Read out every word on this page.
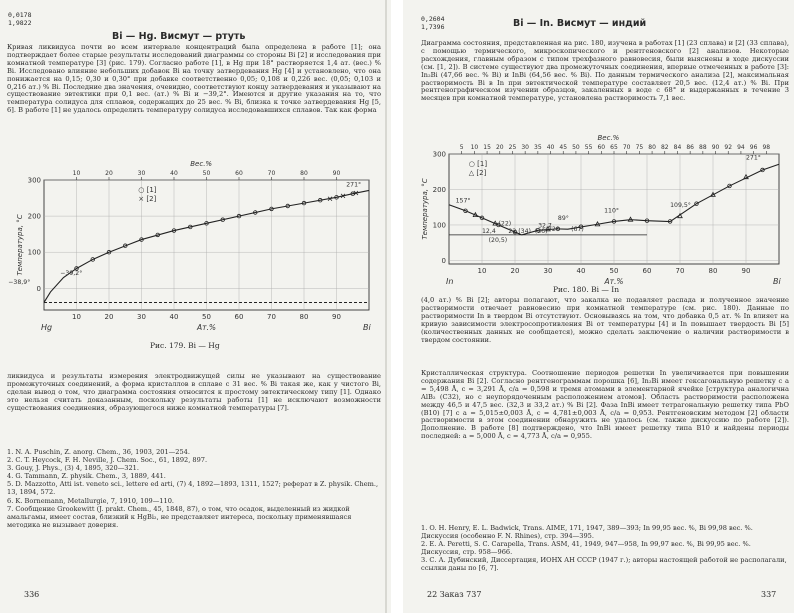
0,0178
1,9822
Bi — Hg. Висмут — ртуть
Кривая ликвидуса почти во всем интервале концентраций была определена в работе [1]; она подтверждает более старые результаты исследований диаграммы со стороны Bi [2] и исследования при комнатной температуре [3] (рис. 179). Согласно работе [1], в Hg при 18° растворяется 1,4 ат. (вес.) % Bi. Исследовано влияние небольших добавок Bi на точку затвердевания Hg [4] и установлено, что она понижается на 0,15; 0,30 и 0,30° при добавке соответственно 0,05; 0,108 и 0,226 вес. (0,05; 0,103 и 0,216 ат.) % Bi. Последние два значения, очевидно, соответствуют концу затвердевания и указывают на существование эвтектики при 0,1 вес. (ат.) % Bi и −39,2°. Имеются и другие указания на то, что температура солидуса для сплавов, содержащих до 25 вес. % Bi, близка к точке затвердевания Hg [5, 6]. В работе [1] не удалось определить температуру солидуса исследовавшихся сплавов. Так как форма
10	20	30	40	50	60	70	80	90
300
200
100
0
10	20	30	40	50	60	70	80	90
Вес.%
Ат.%
Hg	Bi
Температура, °C
○ [1]
× [2]
271°
−38,9°
−39,2°
Рис. 179. Bi — Hg
ликвидуса и результаты измерения электродвижущей силы не указывают на существование промежуточных соединений, а форма кристаллов в сплаве с 31 вес. % Bi такая же, как у чистого Bi, сделан вывод о том, что диаграмма состояния относится к простому эвтектическому типу [1]. Однако это нельзя считать доказанным, поскольку результаты работы [1] не исключают возможности существования соединения, образующегося ниже комнатной температуры [7].
1. N. A. Puschin, Z. anorg. Chem., 36, 1903, 201—254.
2. C. T. Heycock, F. H. Neville, J. Chem. Soc., 61, 1892, 897.
3. Gouy, J. Phys., (3) 4, 1895, 320—321.
4. G. Tammann, Z. physik. Chem., 3, 1889, 441.
5. D. Mazzotto, Atti ist. veneto sci., lettere ed arti, (7) 4, 1892—1893, 1311, 1527; реферат в Z. physik. Chem., 13, 1894, 572.
6. K. Bornemann, Metallurgie, 7, 1910, 109—110.
7. Сообщение Grookewitt (J. prakt. Chem., 45, 1848, 87), о том, что осадок, выделенный из жидкой амальгамы, имеет состав, близкий к HgBi₂, не представляет интереса, поскольку применявшаяся методика не вызывает доверия.
336
0,2604
1,7396	Bi — In. Висмут — индий
Диаграмма состояния, представленная на рис. 180, изучена в работах [1] (23 сплава) и [2] (33 сплава), с помощью термического, микроскопического и рентгеновского [2] анализов. Некоторые расхождения, главным образом с типом трехфазного равновесия, были выяснены в ходе дискуссии (см. [1, 2]). В системе существуют два промежуточных соединения, впервые отмеченных в работе [3]: In₂Bi (47,66 вес. % Bi) и InBi (64,56 вес. % Bi). По данным термического анализа [2], максимальная растворимость Bi в In при эвтектической температуре составляет 20,5 вес. (12,4 ат.) % Bi. При рентгенографическом изучении образцов, закаленных в воде с 68° и выдержанных в течение 3 месяцев при комнатной температуре, установлена растворимость 7,1 вес.
10	20	30	40	50	60	70	80	90
300
200
100
0
5 10 15 20 25 30 35 40 45 50 55 60 65 70 75 80 82 84 86 88 90 92 94 96 98
Вес.%
Ат.%
In	Bi
Температура, °C
○ [1]
△ [2]
271°
157°
110°
109,5°
89°
72° (67)
32,7
(22)
12,4
(20,5)
22 (34) (36)
Рис. 180. Bi — In
(4,0 ат.) % Bi [2]; авторы полагают, что закалка не подавляет распада и полученное значение растворимости отвечает равновесию при комнатной температуре (см. рис. 180). Данные по растворимости In в твердом Bi отсутствуют. Основываясь на том, что добавка 0,5 ат. % In влияет на кривую зависимости электросопротивления Bi от температуры [4] и In повышает твердость Bi [5] (количественных данных не сообщается), можно сделать заключение о наличии растворимости в твердом состоянии.
Кристаллическая структура. Соотношение периодов решетки In увеличивается при повышении содержания Bi [2]. Согласно рентгенограммам порошка [6], In₂Bi имеет гексагональную решетку с a = 5,498 Å, c = 3,291 Å, c/a = 0,598 и тремя атомами в элементарной ячейке [структура аналогична AlB₂ (C32), но с неупорядоченным расположением атомов]. Область растворимости расположена между 46,5 и 47,5 вес. (32,3 и 33,2 ат.) % Bi [2]. Фаза InBi имеет тетрагональную решетку типа PbO (B10) [7] с a = 5,015±0,003 Å, c = 4,781±0,003 Å, c/a = 0,953. Рентгеновским методом [2] области растворимости в этом соединении обнаружить не удалось (см. также дискуссию по работе [2]). Дополнение. В работе [8] подтверждено, что InBi имеет решетку типа B10 и найдены периоды последней: a = 5,000 Å, c = 4,773 Å, c/a = 0,955.
1. O. H. Henry, E. L. Badwick, Trans. AIME, 171, 1947, 389—393; In 99,95 вес. %, Bi 99,98 вес. %. Дискуссия (особенно F. N. Rhines), стр. 394—395.
2. E. A. Peretti, S. C. Carapella, Trans. ASM, 41, 1949, 947—958, In 99,97 вес. %, Bi 99,95 вес. %. Дискуссия, стр. 958—966.
3. С. А. Дубинский, Диссертация, ИОНХ АН СССР (1947 г.); авторы настоящей работой не располагали, ссылки даны по [6, 7].
22 Заказ 737	337
